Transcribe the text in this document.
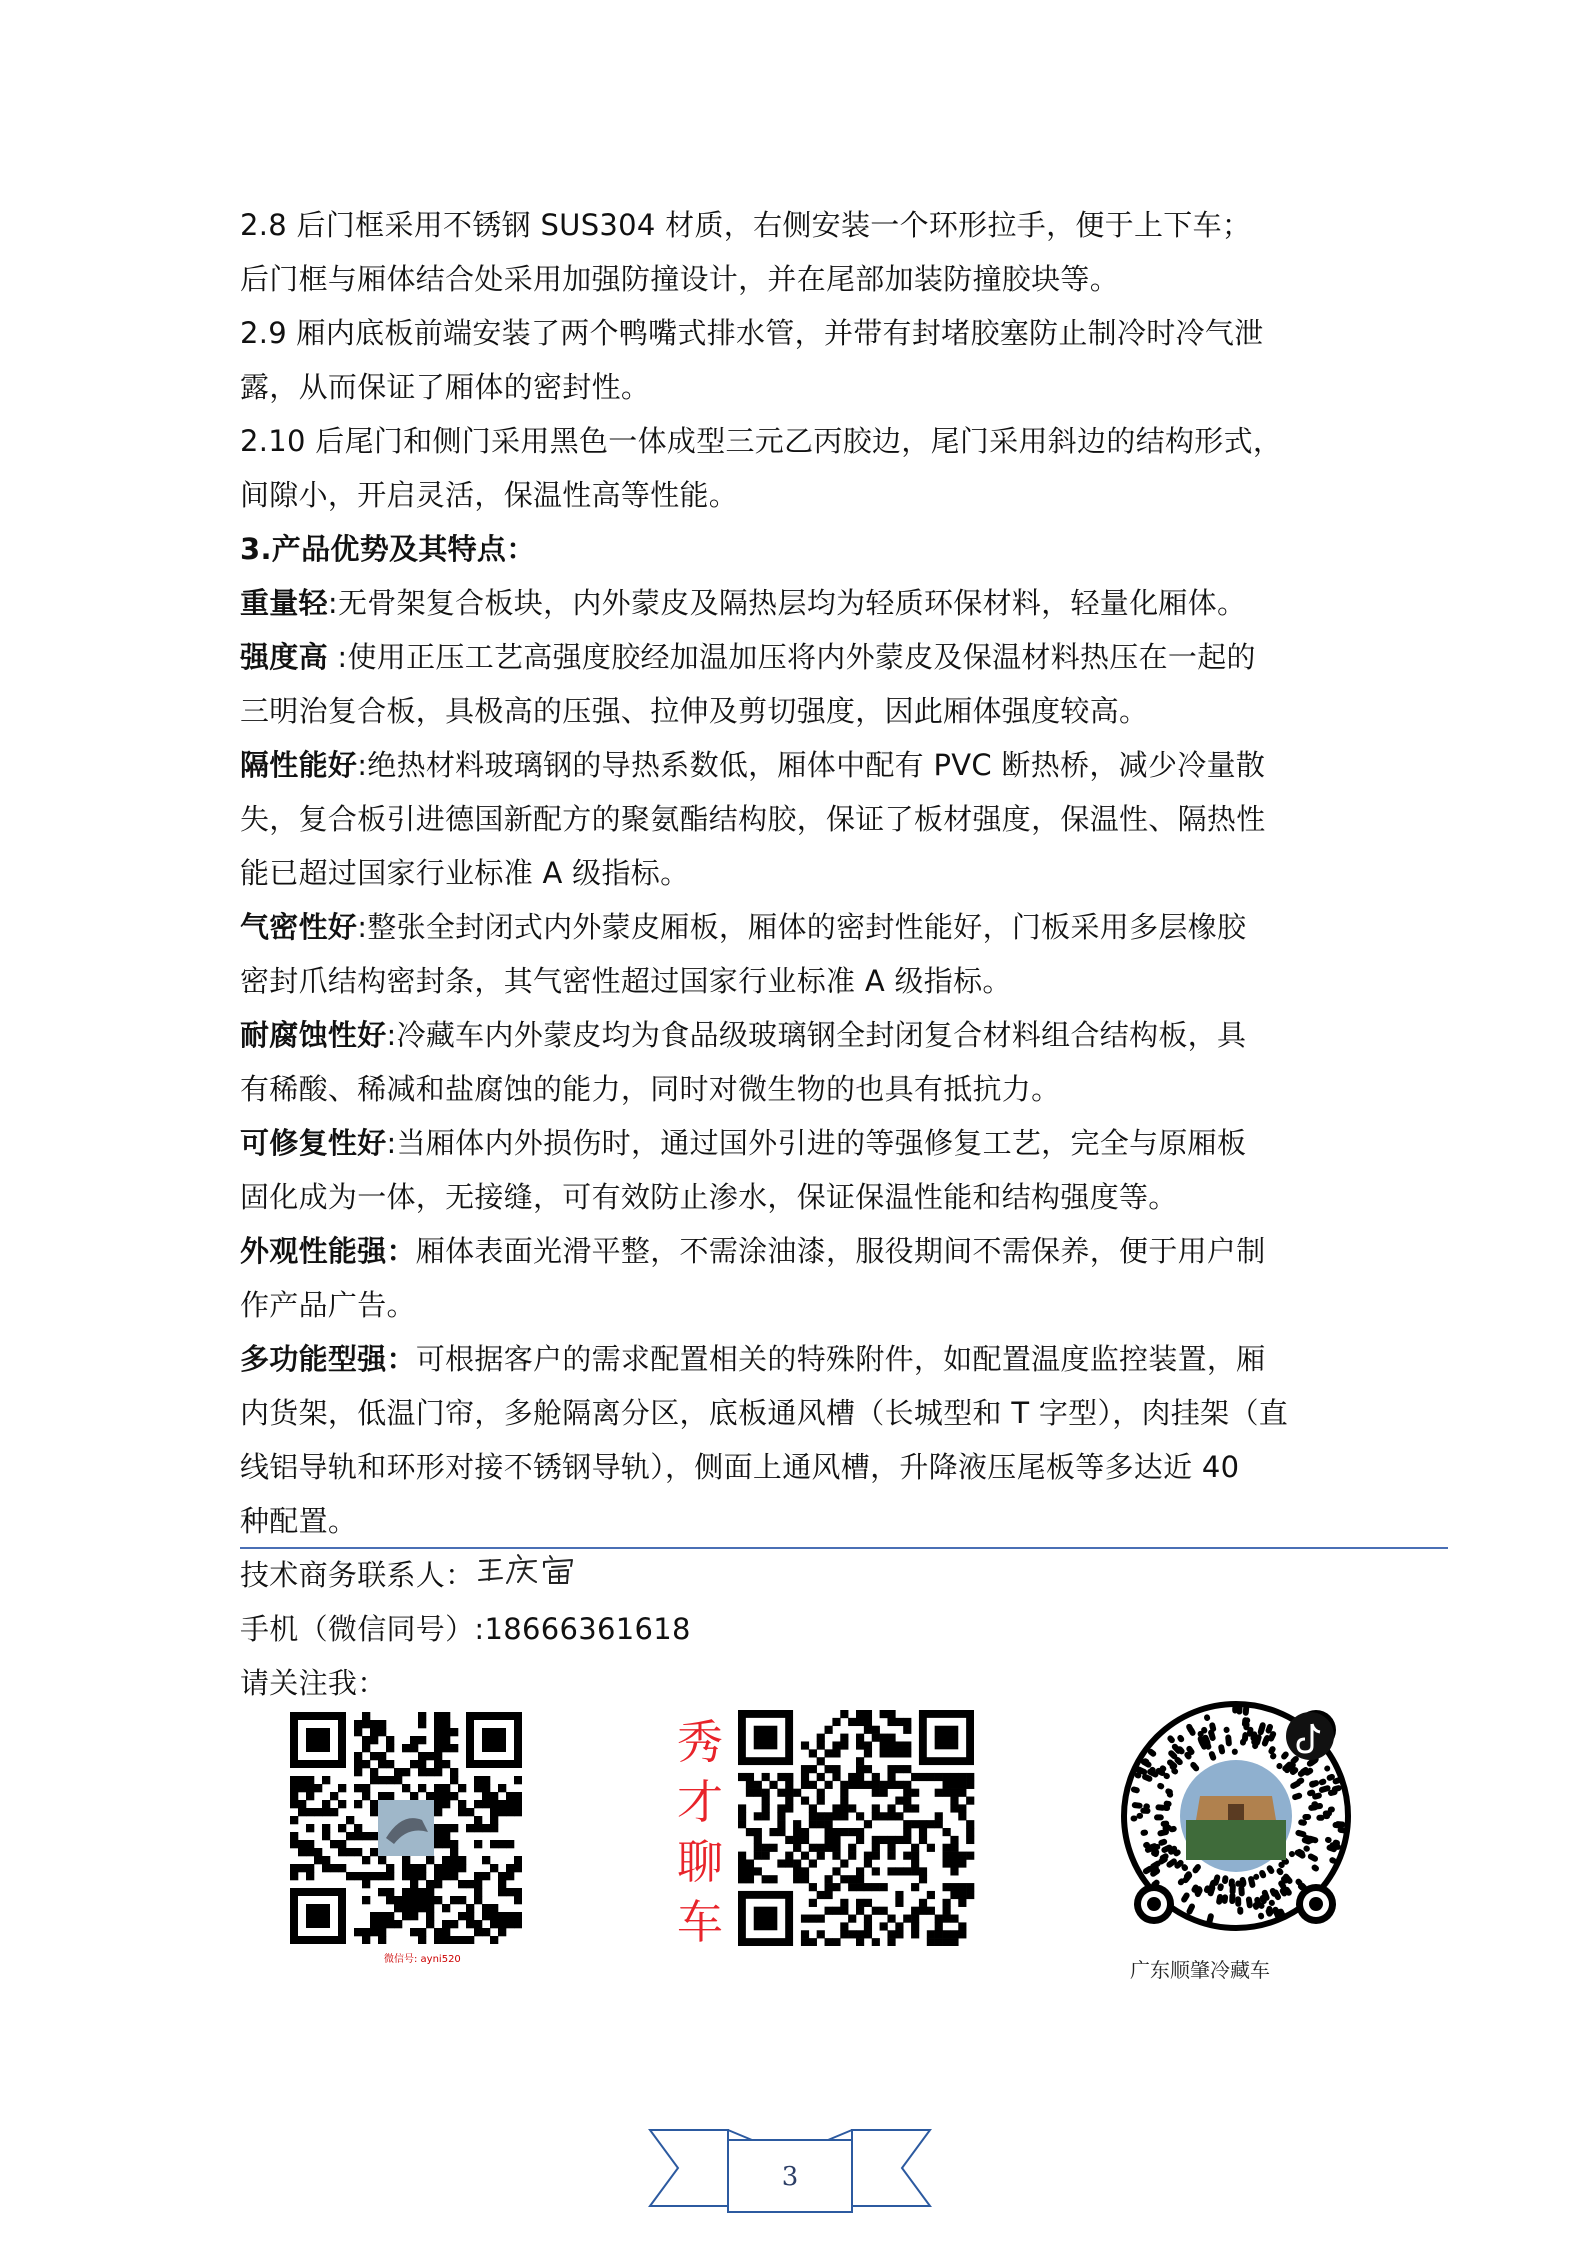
2.8 后门框采用不锈钢 SUS304 材质，右侧安装一个环形拉手，便于上下车；
后门框与厢体结合处采用加强防撞设计，并在尾部加装防撞胶块等。
2.9 厢内底板前端安装了两个鸭嘴式排水管，并带有封堵胶塞防止制冷时冷气泄
露，从而保证了厢体的密封性。
2.10 后尾门和侧门采用黑色一体成型三元乙丙胶边，尾门采用斜边的结构形式，
间隙小，开启灵活，保温性高等性能。
3.产品优势及其特点：
重量轻:无骨架复合板块，内外蒙皮及隔热层均为轻质环保材料，轻量化厢体。
强度高 :使用正压工艺高强度胶经加温加压将内外蒙皮及保温材料热压在一起的
三明治复合板，具极高的压强、拉伸及剪切强度，因此厢体强度较高。
隔性能好:绝热材料玻璃钢的导热系数低，厢体中配有 PVC 断热桥，减少冷量散
失，复合板引进德国新配方的聚氨酯结构胶，保证了板材强度，保温性、隔热性
能已超过国家行业标准 A 级指标。
气密性好:整张全封闭式内外蒙皮厢板，厢体的密封性能好，门板采用多层橡胶
密封爪结构密封条，其气密性超过国家行业标准 A 级指标。
耐腐蚀性好:冷藏车内外蒙皮均为食品级玻璃钢全封闭复合材料组合结构板，具
有稀酸、稀减和盐腐蚀的能力，同时对微生物的也具有抵抗力。
可修复性好:当厢体内外损伤时，通过国外引进的等强修复工艺，完全与原厢板
固化成为一体，无接缝，可有效防止渗水，保证保温性能和结构强度等。
外观性能强：厢体表面光滑平整，不需涂油漆，服役期间不需保养，便于用户制
作产品广告。
多功能型强：可根据客户的需求配置相关的特殊附件，如配置温度监控装置，厢
内货架，低温门帘，多舱隔离分区，底板通风槽（长城型和 T 字型），肉挂架（直
线铝导轨和环形对接不锈钢导轨），侧面上通风槽，升降液压尾板等多达近 40
种配置。
技术商务联系人：
手机（微信同号）:18666361618
请关注我：
微信号: ayni520
秀
才
聊
车
广东顺肇冷藏车
3
